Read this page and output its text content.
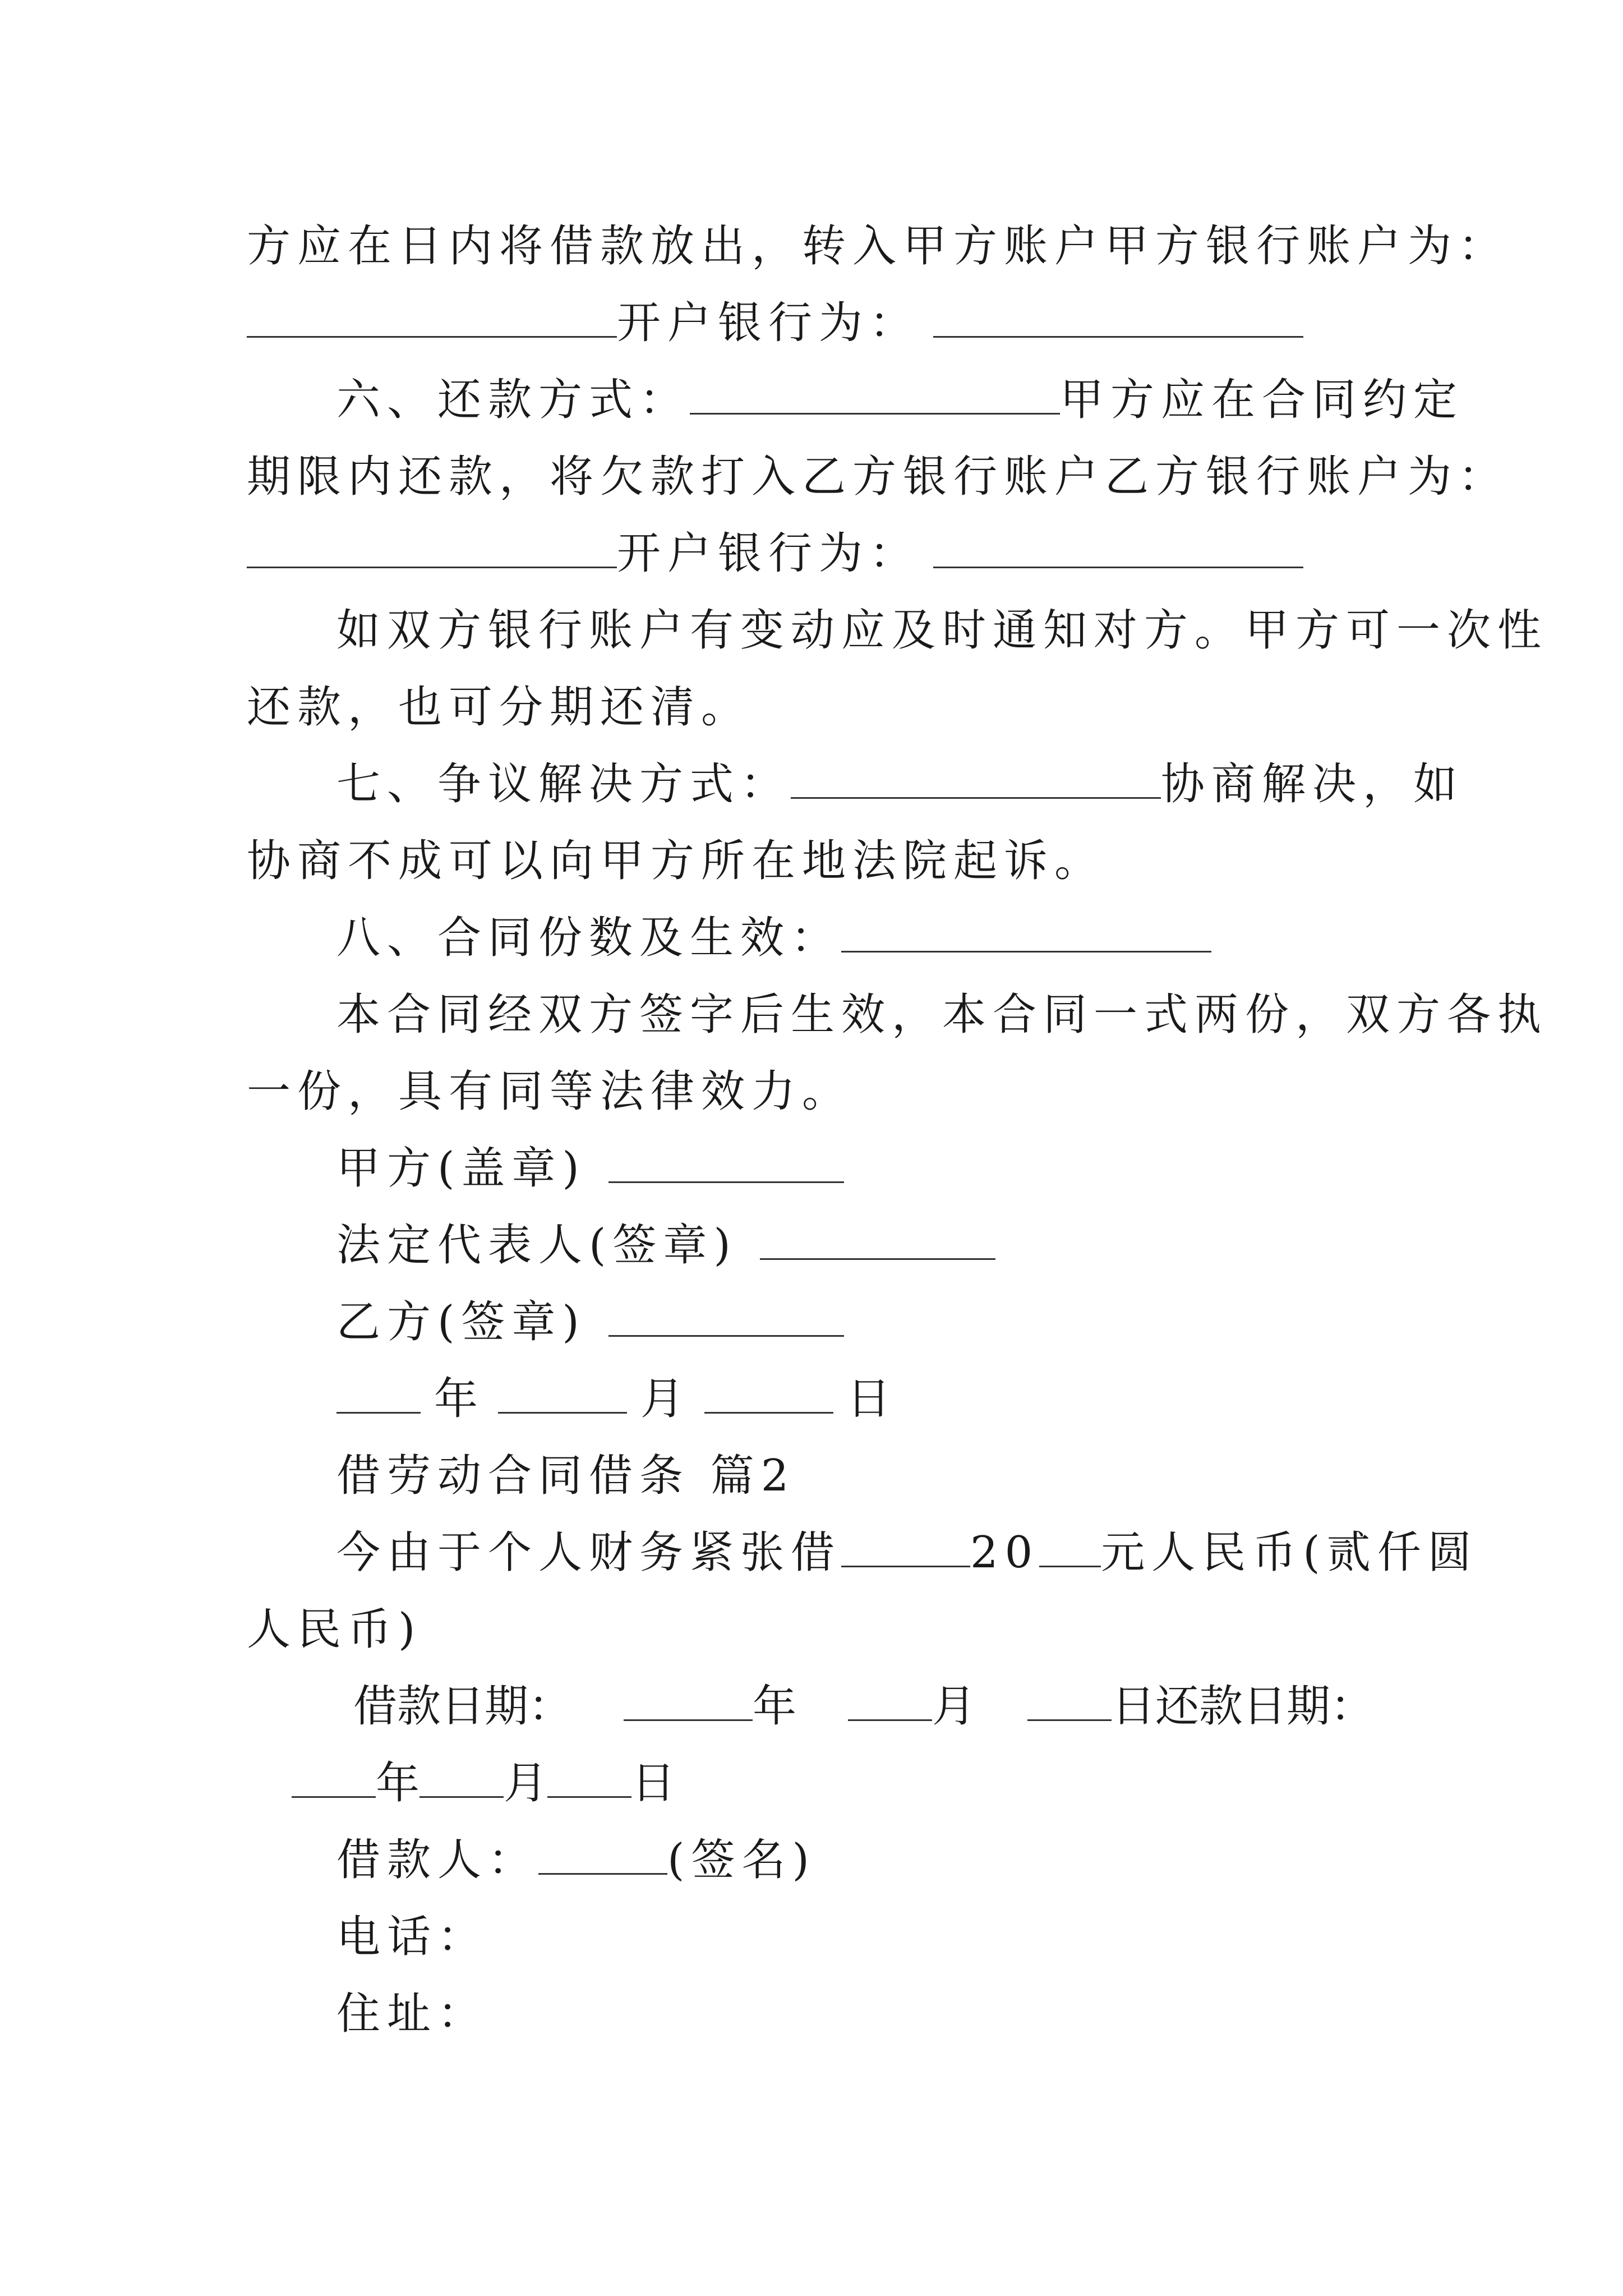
方应在日内将借款放出，转入甲方账户甲方银行账户为：
开户银行为：
六、还款方式：	甲方应在合同约定
期限内还款，将欠款打入乙方银行账户乙方银行账户为：
开户银行为：
如双方银行账户有变动应及时通知对方。甲方可一次性
还款，也可分期还清。
七、争议解决方式：	协商解决，如
协商不成可以向甲方所在地法院起诉。
八、合同份数及生效：
本合同经双方签字后生效，本合同一式两份，双方各执
一份，具有同等法律效力。
甲方(盖章)
法定代表人(签章)
乙方(签章)
年	月	日
借劳动合同借条 篇2
今由于个人财务紧张借	20 元人民币(贰仟圆
人民币)
借款日期：	年	月	日还款日期：
年 月 日
借款人：	(签名)
电话：
住址：
